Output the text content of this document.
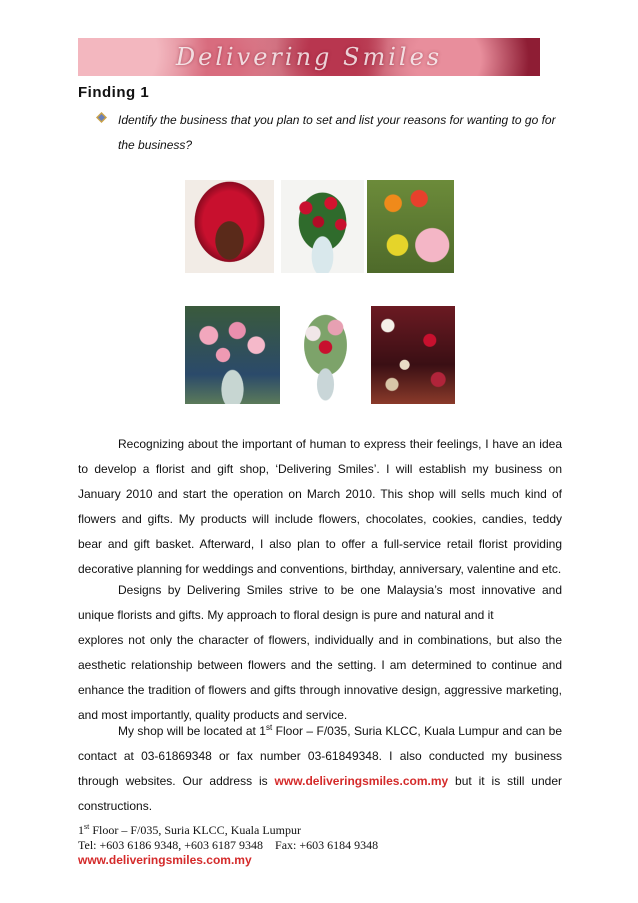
Delivering Smiles
Finding 1

Identify the business that you plan to set and list your reasons for wanting to go for the business?

Recognizing about the important of human to express their feelings, I have an idea to develop a florist and gift shop, ‘Delivering Smiles’. I will establish my business on January 2010 and start the operation on March 2010. This shop will sells much kind of flowers and gifts. My products will include flowers, chocolates, cookies, candies, teddy bear and gift basket. Afterward, I also plan to offer a full-service retail florist providing decorative planning for weddings and conventions, birthday, anniversary, valentine and etc.

Designs by Delivering Smiles strive to be one Malaysia’s most innovative and unique florists and gifts. My approach to floral design is pure and natural and it
explores not only the character of flowers, individually and in combinations, but also the aesthetic relationship between flowers and the setting. I am determined to continue and enhance the tradition of flowers and gifts through innovative design, aggressive marketing, and most importantly, quality products and service.

My shop will be located at 1st Floor – F/035, Suria KLCC, Kuala Lumpur and can be contact at 03-61869348 or fax number 03-61849348. I also conducted my business through websites. Our address is www.deliveringsmiles.com.my but it is still under constructions.

1st Floor – F/035, Suria KLCC, Kuala Lumpur
Tel: +603 6186 9348, +603 6187 9348    Fax: +603 6184 9348
www.deliveringsmiles.com.my
